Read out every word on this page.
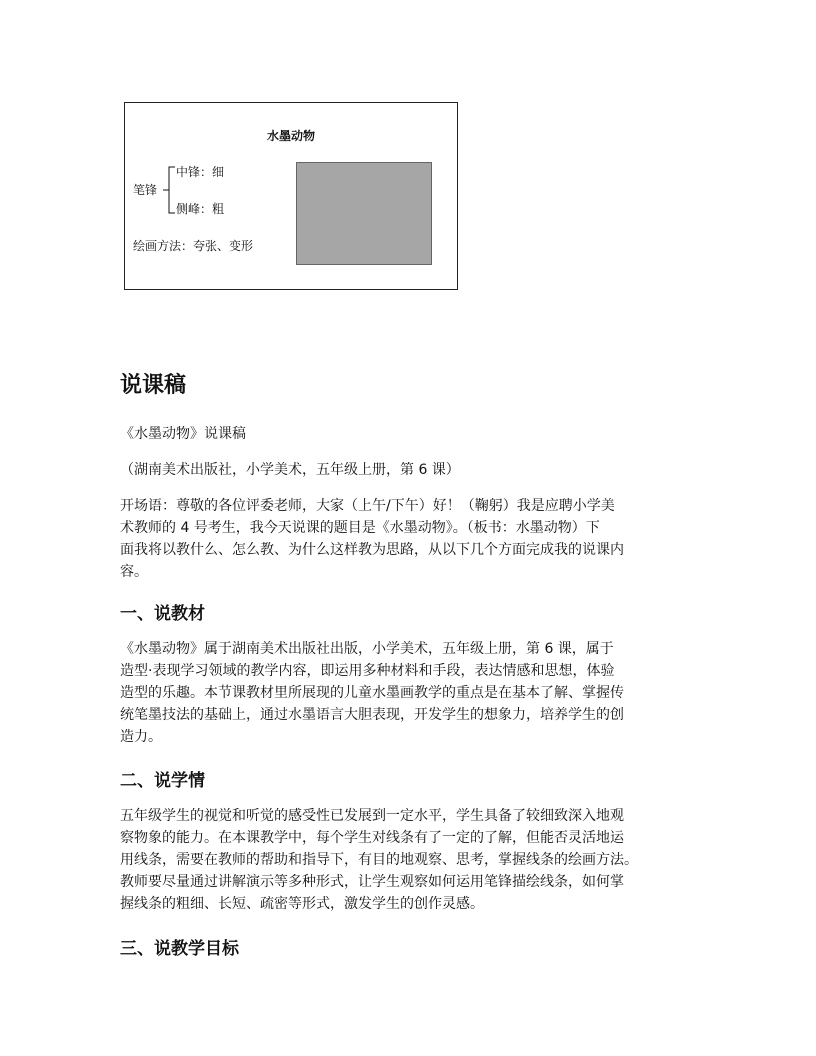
水墨动物
笔锋
中锋：细
侧峰：粗
绘画方法：夸张、变形
说课稿

《水墨动物》说课稿

（湖南美术出版社，小学美术，五年级上册，第 6 课）

开场语：尊敬的各位评委老师，大家（上午/下午）好！（鞠躬）我是应聘小学美
术教师的 4 号考生，我今天说课的题目是《水墨动物》。（板书：水墨动物）下
面我将以教什么、怎么教、为什么这样教为思路，从以下几个方面完成我的说课内
容。

一、说教材

《水墨动物》属于湖南美术出版社出版，小学美术，五年级上册，第 6 课，属于
造型·表现学习领域的教学内容，即运用多种材料和手段，表达情感和思想，体验
造型的乐趣。本节课教材里所展现的儿童水墨画教学的重点是在基本了解、掌握传
统笔墨技法的基础上，通过水墨语言大胆表现，开发学生的想象力，培养学生的创
造力。

二、说学情

五年级学生的视觉和听觉的感受性已发展到一定水平，学生具备了较细致深入地观
察物象的能力。在本课教学中，每个学生对线条有了一定的了解，但能否灵活地运
用线条，需要在教师的帮助和指导下，有目的地观察、思考，掌握线条的绘画方法。
教师要尽量通过讲解演示等多种形式，让学生观察如何运用笔锋描绘线条，如何掌
握线条的粗细、长短、疏密等形式，激发学生的创作灵感。

三、说教学目标
